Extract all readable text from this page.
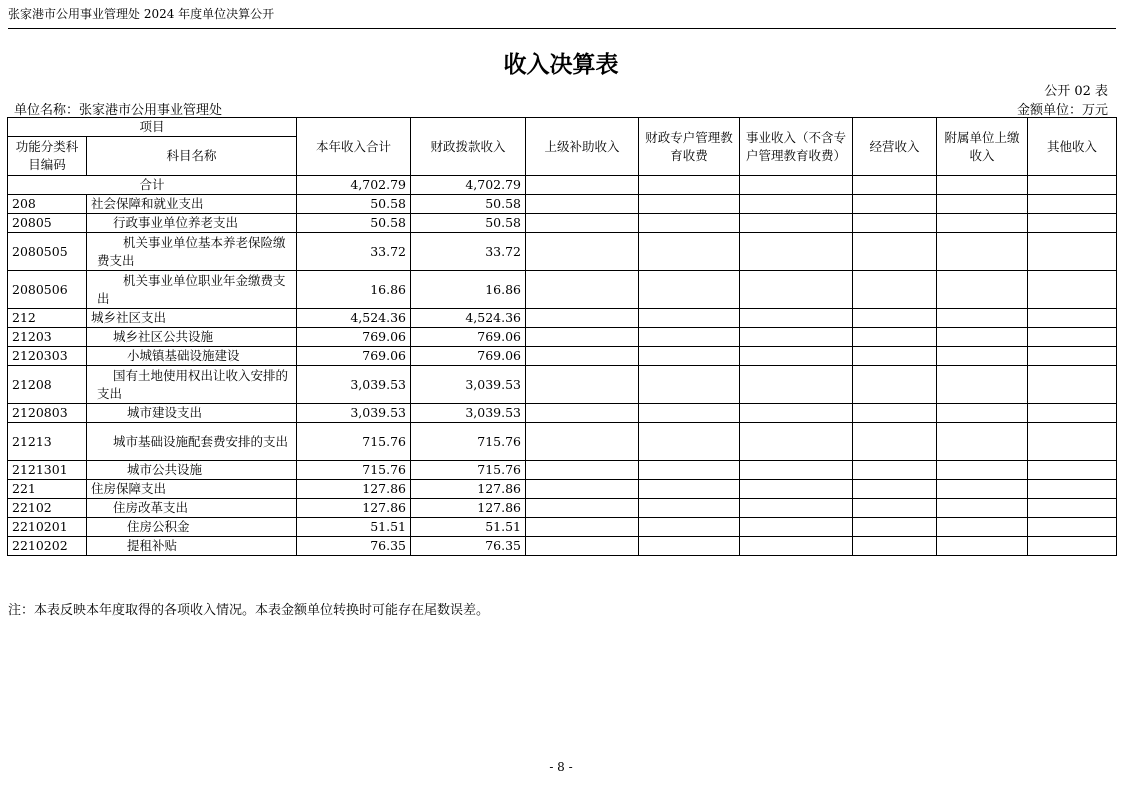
张家港市公用事业管理处 2024 年度单位决算公开
收入决算表
公开 02 表
单位名称：张家港市公用事业管理处	金额单位：万元
项目		本年收入合计	财政拨款收入	上级补助收入	财政专户管理教育收费	事业收入（不含专户管理教育收费）	经营收入	附属单位上缴收入	其他收入
功能分类科目编码	科目名称								
合计		4,702.79	4,702.79						
208	社会保障和就业支出	50.58	50.58						
20805	行政事业单位养老支出	50.58	50.58						
2080505	机关事业单位基本养老保险缴费支出	33.72	33.72						
2080506	机关事业单位职业年金缴费支出	16.86	16.86						
212	城乡社区支出	4,524.36	4,524.36						
21203	城乡社区公共设施	769.06	769.06						
2120303	小城镇基础设施建设	769.06	769.06						
21208	国有土地使用权出让收入安排的支出	3,039.53	3,039.53						
2120803	城市建设支出	3,039.53	3,039.53						
21213	城市基础设施配套费安排的支出	715.76	715.76						
2121301	城市公共设施	715.76	715.76						
221	住房保障支出	127.86	127.86						
22102	住房改革支出	127.86	127.86						
2210201	住房公积金	51.51	51.51						
2210202	提租补贴	76.35	76.35						
注：本表反映本年度取得的各项收入情况。本表金额单位转换时可能存在尾数误差。
- 8 -
